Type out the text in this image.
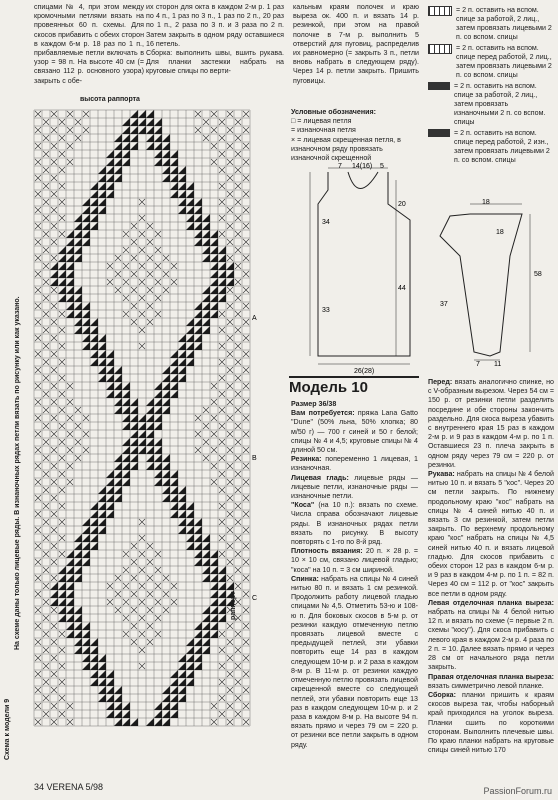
спицами № 4, при этом между кромочными петлями вязать на провеянных 60 п. схемы. Для скосов прибавить с обеих сторон в каждом 6-м р. 18 раз по 1 п., прибавляемые петли включать в узор = 98 п. На высоте 40 см (= связано 112 р. основного узора) закрыть с обе-

их сторон для окта в каждом 2-м р. 1 раз по 4 п., 1 раз по 3 п., 1 раз по 2 п., 20 раз по 1 п., 2 раза по 3 п. и 3 раза по 2 п. Затем закрыть в одном ряду оставшиеся 16 петель.

Сборка: выполнить швы, вшить рукава. Для планки застежки набрать на круговые спицы по верти-

кальным краям полочек и краю выреза ок. 400 п. и вязать 14 р. резинкой, при этом на правой полочке в 7-м р. выполнить 5 отверстий для пуговиц, распределив их равномерно (= закрыть 3 п., петли вновь набрать в следующем ряду). Через 14 р. петли закрыть. Пришить пуговицы.

Условные обозначения:
□ = лицевая петля
= изнаночная петля
× = лицевая скрещенная петля, в изнаночном ряду провязать изнаночной скрещенной
= 2 п. оставить на вспом. спице за работой, 2 лиц., затем провязать лицевыми 2 п. со вспом. спицы
= 2 п. оставить на вспом. спице перед работой, 2 лиц., затем провязать лицевыми 2 п. со вспом. спицы
= 2 п. оставить на вспом. спице за работой, 2 лиц., затем провязать изнаночными 2 п. со вспом. спицы
= 2 п. оставить на вспом. спице перед работой, 2 изн., затем провязать лицевыми 2 п. со вспом. спицы
7 14(16) 5
20
34
44
33
26(28)
18
18
58
37
7 11
A
B
C
высота раппорта
раппорт
На схеме даны только лицевые ряды. В изнаночных рядах петли вязать по рисунку или как указано.
Схема к модели 9
Модель 10

Размер 36/38

Вам потребуется: пряжа Lana Gatto "Dune" (50% льна, 50% хлопка; 80 м/50 г) — 700 г синей и 50 г белой; спицы № 4 и 4,5; круговые спицы № 4 длиной 50 см.

Резинка: попеременно 1 лицевая, 1 изнаночная.

Лицевая гладь: лицевые ряды — лицевые петли, изнаночные ряды — изнаночные петли.

"Коса" (на 10 п.): вязать по схеме. Числа справа обозначают лицевые ряды. В изнаночных рядах петли вязать по рисунку. В высоту повторять с 1-го по 8-й ряд.

Плотность вязания: 20 п. × 28 р. = 10 × 10 см, связано лицевой гладью; "коса" на 10 п. = 3 см шириной.

Спинка: набрать на спицы № 4 синей нитью 80 п. и вязать 1 см резинкой. Продолжить работу лицевой гладью спицами № 4,5. Отметить 53-ю и 108-ю п. Для боковых скосов в 5-м р. от резинки каждую отмеченную петлю провязать лицевой вместе с предыдущей петлей, эти убавки повторить еще 14 раз в каждом следующем 10-м р. и 2 раза в каждом 8-м р. В 11-м р. от резинки каждую отмеченную петлю провязать лицевой скрещенной вместе со следующей петлей, эти убавки повторить еще 13 раз в каждом следующем 10-м р. и 2 раза в каждом 8-м р. На высоте 94 п. вязать прямо и через 79 см = 220 р. от резинки все петли закрыть в одном ряду.

Перед: вязать аналогично спинке, но с V-образным вырезом. Через 54 см = 150 р. от резинки петли разделить посредине и обе стороны закончить раздельно. Для скоса выреза убавить с внутреннего края 15 раз в каждом 2-м р. и 9 раз в каждом 4-м р. по 1 п. Оставшиеся 23 п. плеча закрыть в одном ряду через 79 см = 220 р. от резинки.

Рукава: набрать на спицы № 4 белой нитью 10 п. и вязать 5 "кос". Через 20 см петли закрыть. По нижнему продольному краю "кос" набрать на спицы № 4 синей нитью 40 п. и вязать 3 см резинкой, затем петли закрыть. По верхнему продольному краю "кос" набрать на спицы № 4,5 синей нитью 40 п. и вязать лицевой гладью. Для скосов прибавить с обеих сторон 12 раз в каждом 6-м р. и 9 раз в каждом 4-м р. по 1 п. = 82 п. Через 40 см = 112 р. от "кос" закрыть все петли в одном ряду.

Левая отделочная планка выреза: набрать на спицы № 4 белой нитью 12 п. и вязать по схеме (= первые 2 п. схемы "косу"). Для скоса прибавить с левого края в каждом 2-м р. 4 раза по 2 п. = 10. Далее вязать прямо и через 28 см от начального ряда петли закрыть.

Правая отделочная планка выреза: вязать симметрично левой планке.

Сборка: планки пришить к краям скосов выреза так, чтобы наборный край приходился на уголок выреза. Планки сшить по короткими сторонам. Выполнить плечевые швы. По краю планки набрать на круговые спицы синей нитью 170

34 VERENA 5/98	PassionForum.ru
